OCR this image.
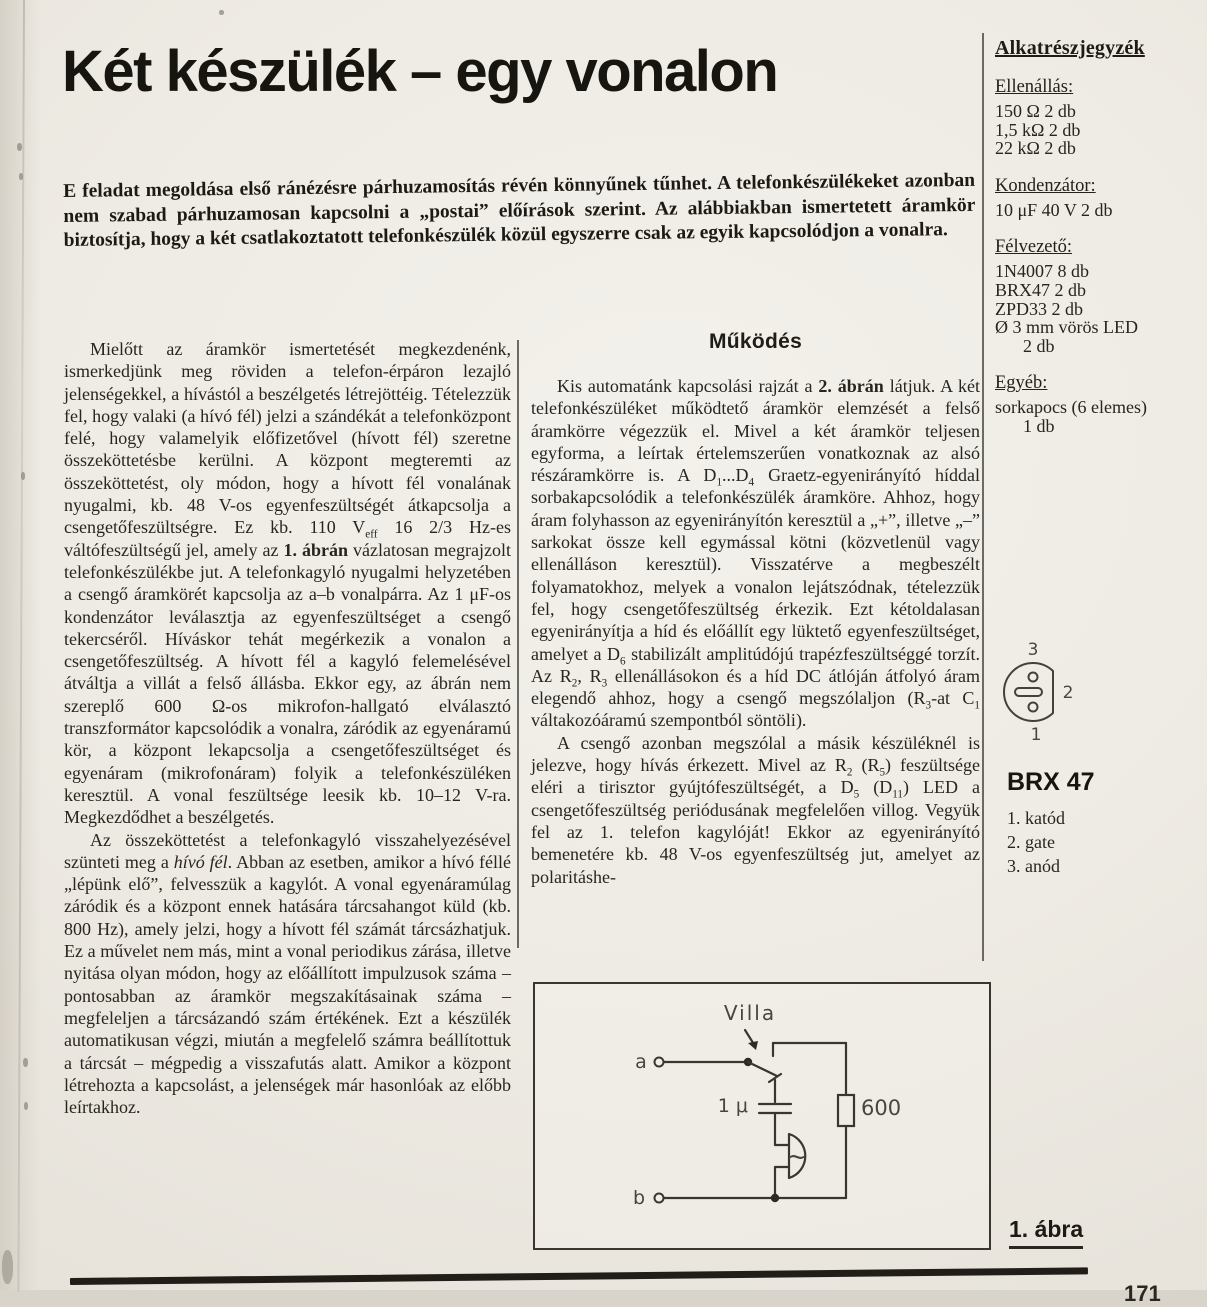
Két készülék – egy vonalon

E feladat megoldása első ránézésre párhuzamosítás révén könnyűnek tűnhet. A telefonkészülékeket azonban nem szabad párhuzamosan kapcsolni a „postai” előírások szerint. Az alábbiakban ismertetett áramkör biztosítja, hogy a két csatlakoztatott telefonkészülék közül egyszerre csak az egyik kapcsolódjon a vonalra.

Mielőtt az áramkör ismertetését megkezdenénk, ismerkedjünk meg röviden a telefon-érpáron lezajló jelenségekkel, a hívástól a beszélgetés létrejöttéig. Tételezzük fel, hogy valaki (a hívó fél) jelzi a szándékát a telefonközpont felé, hogy valamelyik előfizetővel (hívott fél) szeretne összeköttetésbe kerülni. A központ megteremti az összeköttetést, oly módon, hogy a hívott fél vonalának nyugalmi, kb. 48 V-os egyenfeszültségét átkapcsolja a csengetőfeszültségre. Ez kb. 110 $V_{eff}$ 16 2/3 Hz-es váltófeszültségű jel, amely az 1. ábrán vázlatosan megrajzolt telefonkészülékbe jut. A telefonkagyló nyugalmi helyzetében a csengő áramkörét kapcsolja az a–b vonalpárra. Az 1 μF-os kondenzátor leválasztja az egyenfeszültséget a csengő tekercséről. Híváskor tehát megérkezik a vonalon a csengetőfeszültség. A hívott fél a kagyló felemelésével átváltja a villát a felső állásba. Ekkor egy, az ábrán nem szereplő 600 Ω-os mikrofon-hallgató elválasztó transzformátor kapcsolódik a vonalra, záródik az egyenáramú kör, a központ lekapcsolja a csengetőfeszültséget és egyenáram (mikrofonáram) folyik a telefonkészüléken keresztül. A vonal feszültsége leesik kb. 10–12 V-ra. Megkezdődhet a beszélgetés.

Az összeköttetést a telefonkagyló visszahelyezésével szünteti meg a hívó fél. Abban az esetben, amikor a hívó féllé „lépünk elő”, felvesszük a kagylót. A vonal egyenáramúlag záródik és a központ ennek hatására tárcsahangot küld (kb. 800 Hz), amely jelzi, hogy a hívott fél számát tárcsázhatjuk. Ez a művelet nem más, mint a vonal periodikus zárása, illetve nyitása olyan módon, hogy az előállított impulzusok száma – pontosabban az áramkör megszakításainak száma – megfeleljen a tárcsázandó szám értékének. Ezt a készülék automatikusan végzi, miután a megfelelő számra beállítottuk a tárcsát – mégpedig a visszafutás alatt. Amikor a központ létrehozta a kapcsolást, a jelenségek már hasonlóak az előbb leírtakhoz.

Működés

Kis automatánk kapcsolási rajzát a 2. ábrán látjuk. A két telefonkészüléket működtető áramkör elemzését a felső áramkörre végezzük el. Mivel a két áramkör teljesen egyforma, a leírtak értelemszerűen vonatkoznak az alsó részáramkörre is. A $D_1...D_4$ Graetz-egyenirányító híddal sorbakapcsolódik a telefonkészülék áramköre. Ahhoz, hogy áram folyhasson az egyenirányítón keresztül a „+”, illetve „–” sarkokat össze kell egymással kötni (közvetlenül vagy ellenálláson keresztül). Visszatérve a megbeszélt folyamatokhoz, melyek a vonalon lejátszódnak, tételezzük fel, hogy csengetőfeszültség érkezik. Ezt kétoldalasan egyenirányítja a híd és előállít egy lüktető egyenfeszültséget, amelyet a $D_6$ stabilizált amplitúdójú trapézfeszültséggé torzít. Az $R_2$, $R_3$ ellenállásokon és a híd DC átlóján átfolyó áram elegendő ahhoz, hogy a csengő megszólaljon ($R_3-at$ $C_1$ váltakozóáramú szempontból söntöli).

A csengő azonban megszólal a másik készüléknél is jelezve, hogy hívás érkezett. Mivel az $R_2$ $(R_5)$ feszültsége eléri a tirisztor gyújtófeszültségét, a $D_5$ $(D_{11})$ LED a csengetőfeszültség periódusának megfelelően villog. Vegyük fel az 1. telefon kagylóját! Ekkor az egyenirányító bemenetére kb. 48 V-os egyenfeszültség jut, amelyet az polaritáshe-

Alkatrészjegyzék
Ellenállás:
150 Ω 2 db
1,5 kΩ 2 db
22 kΩ 2 db
Kondenzátor:
10 μF 40 V 2 db
Félvezető:
1N4007 8 db
BRX47 2 db
ZPD33 2 db
Ø 3 mm vörös LED
2 db
Egyéb:
sorkapocs (6 elemes)
1 db
3
2
1
BRX 47
1. katód
2. gate
3. anód
Villa
a
1 μ
~
600
b
1. ábra
171
